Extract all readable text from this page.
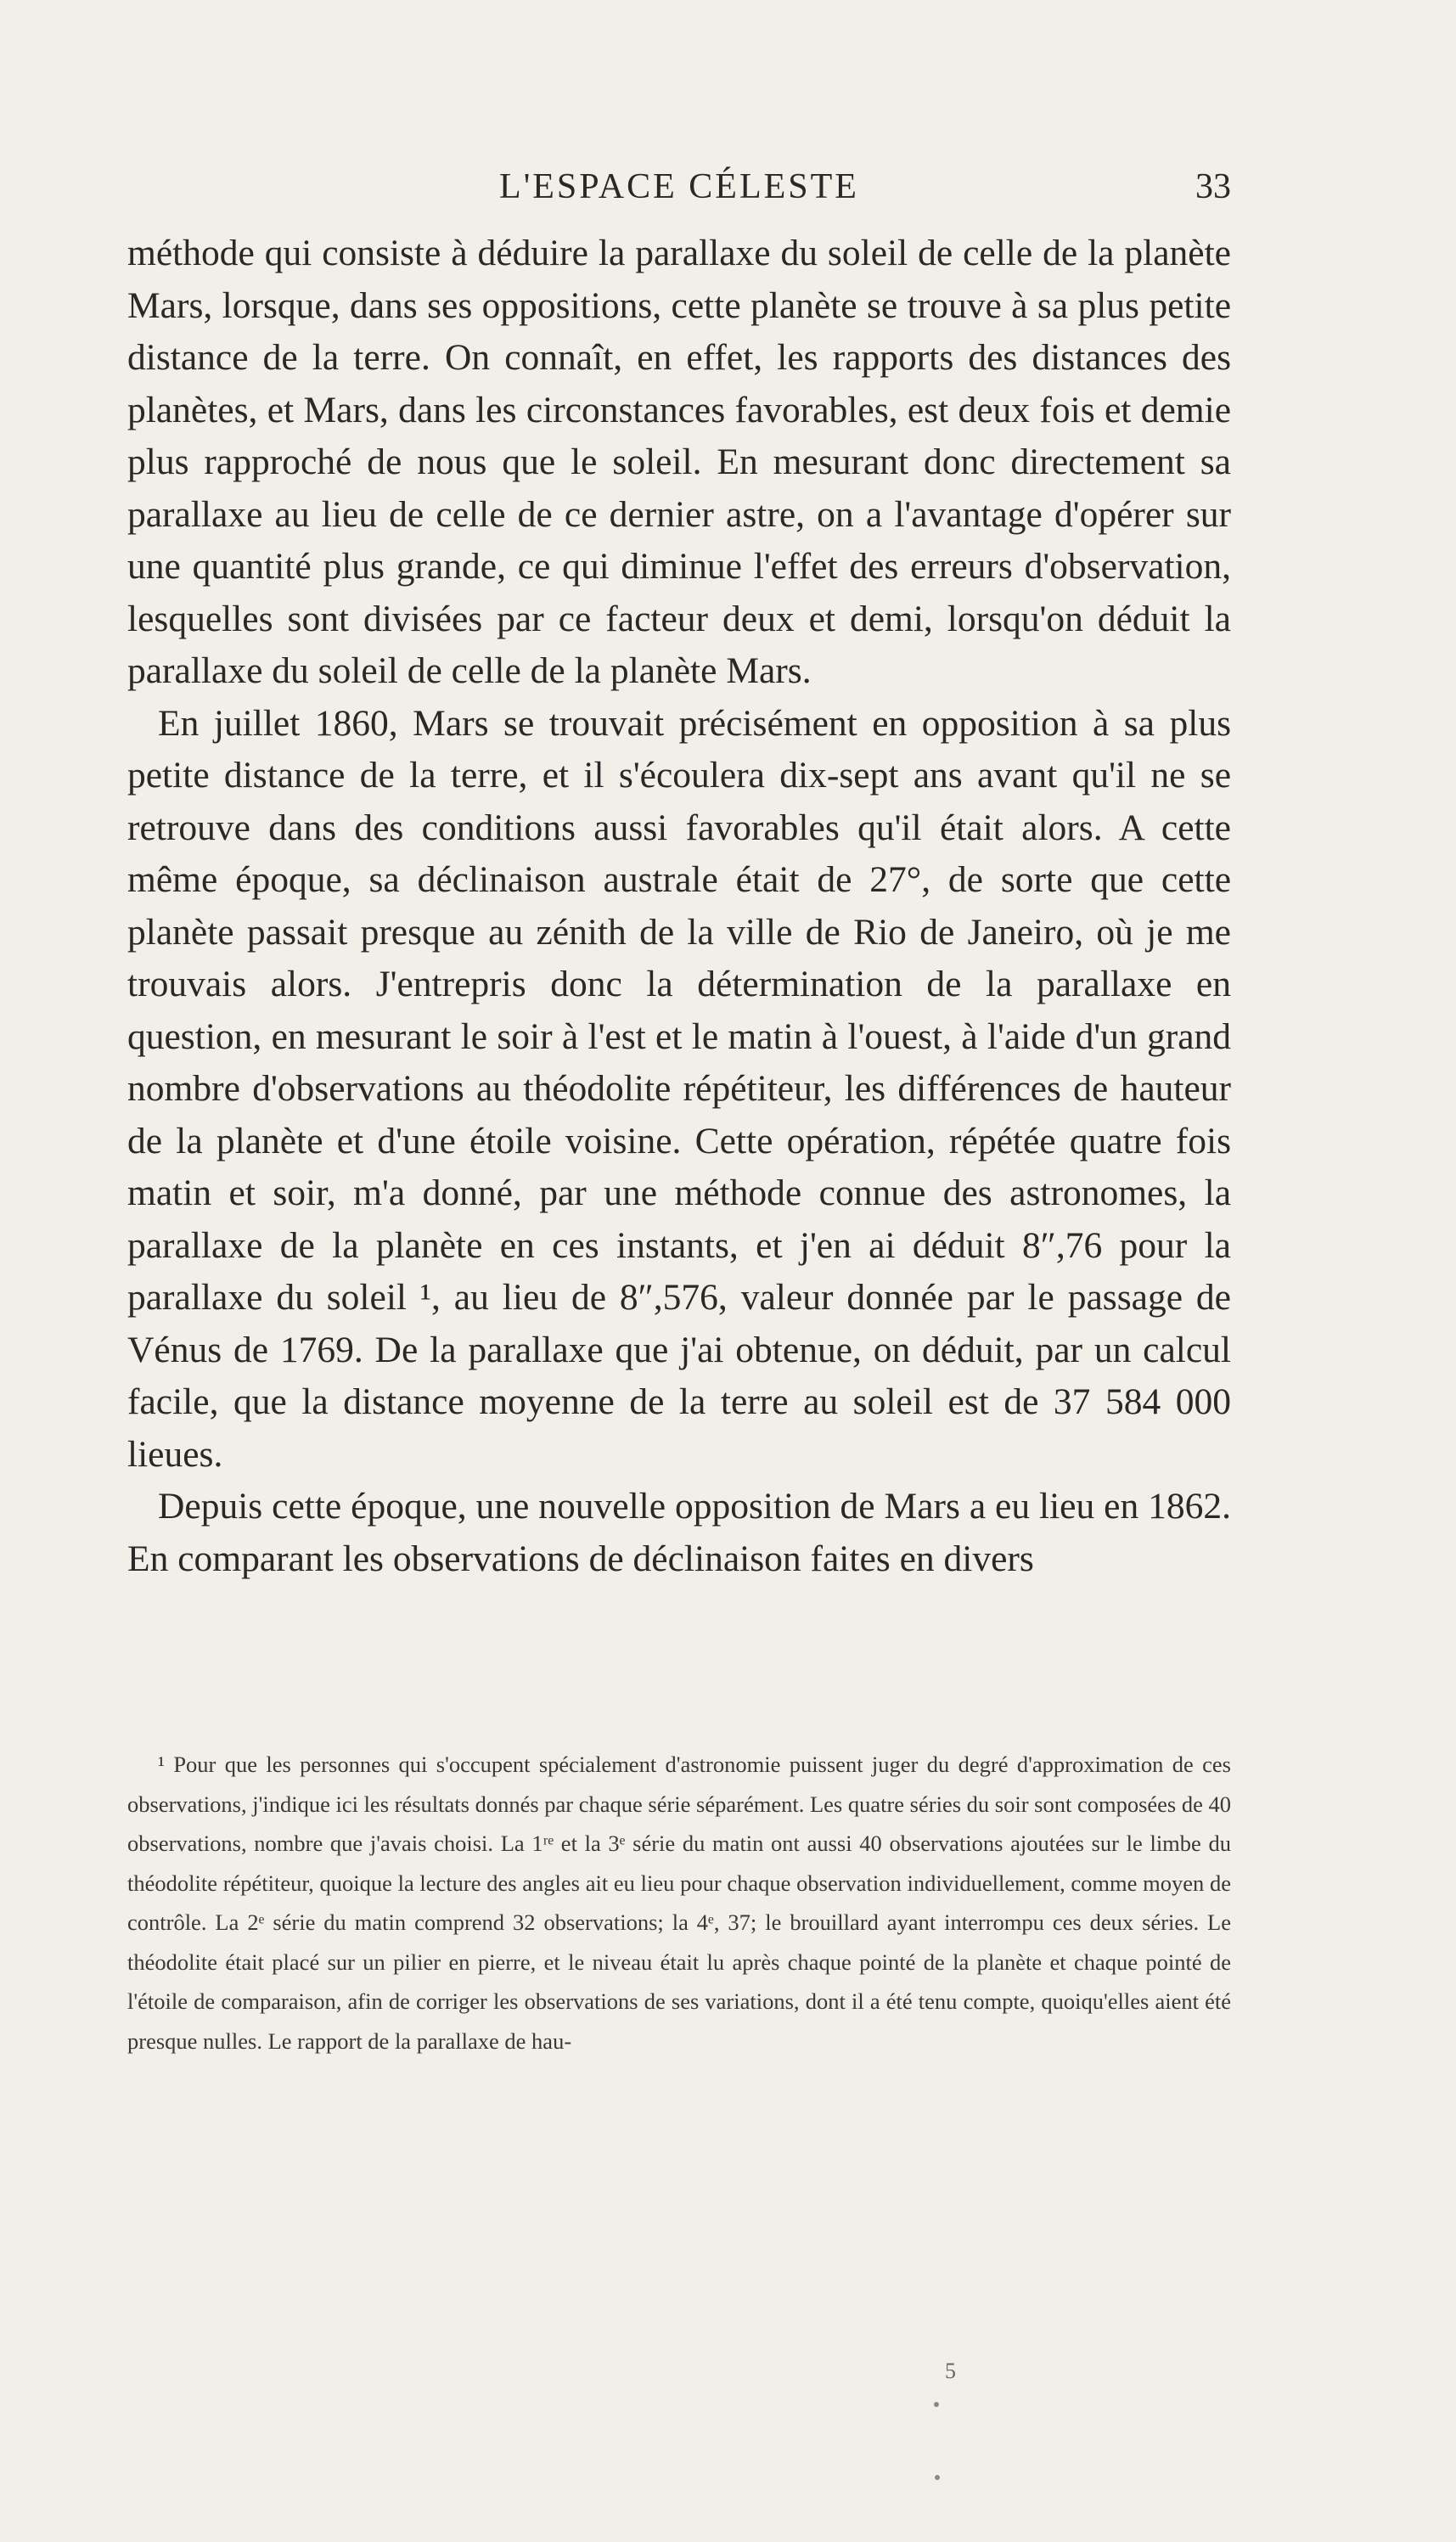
L'ESPACE CÉLESTE	33

méthode qui consiste à déduire la parallaxe du soleil de celle de la planète Mars, lorsque, dans ses oppositions, cette planète se trouve à sa plus petite distance de la terre. On connaît, en effet, les rapports des distances des planètes, et Mars, dans les circonstances favorables, est deux fois et demie plus rapproché de nous que le soleil. En mesurant donc directement sa parallaxe au lieu de celle de ce dernier astre, on a l'avantage d'opérer sur une quantité plus grande, ce qui diminue l'effet des erreurs d'observation, lesquelles sont divisées par ce facteur deux et demi, lorsqu'on déduit la parallaxe du soleil de celle de la planète Mars.

En juillet 1860, Mars se trouvait précisément en opposition à sa plus petite distance de la terre, et il s'écoulera dix-sept ans avant qu'il ne se retrouve dans des conditions aussi favorables qu'il était alors. A cette même époque, sa déclinaison australe était de 27°, de sorte que cette planète passait presque au zénith de la ville de Rio de Janeiro, où je me trouvais alors. J'entrepris donc la détermination de la parallaxe en question, en mesurant le soir à l'est et le matin à l'ouest, à l'aide d'un grand nombre d'observations au théodolite répétiteur, les différences de hauteur de la planète et d'une étoile voisine. Cette opération, répétée quatre fois matin et soir, m'a donné, par une méthode connue des astronomes, la parallaxe de la planète en ces instants, et j'en ai déduit 8″,76 pour la parallaxe du soleil ¹, au lieu de 8″,576, valeur donnée par le passage de Vénus de 1769. De la parallaxe que j'ai obtenue, on déduit, par un calcul facile, que la distance moyenne de la terre au soleil est de 37 584 000 lieues.

Depuis cette époque, une nouvelle opposition de Mars a eu lieu en 1862. En comparant les observations de déclinaison faites en divers

¹ Pour que les personnes qui s'occupent spécialement d'astronomie puissent juger du degré d'approximation de ces observations, j'indique ici les résultats donnés par chaque série séparément. Les quatre séries du soir sont composées de 40 observations, nombre que j'avais choisi. La 1ʳᵉ et la 3ᵉ série du matin ont aussi 40 observations ajoutées sur le limbe du théodolite répétiteur, quoique la lecture des angles ait eu lieu pour chaque observation individuellement, comme moyen de contrôle. La 2ᵉ série du matin comprend 32 observations; la 4ᵉ, 37; le brouillard ayant interrompu ces deux séries. Le théodolite était placé sur un pilier en pierre, et le niveau était lu après chaque pointé de la planète et chaque pointé de l'étoile de comparaison, afin de corriger les observations de ses variations, dont il a été tenu compte, quoiqu'elles aient été presque nulles. Le rapport de la parallaxe de hau-

5
